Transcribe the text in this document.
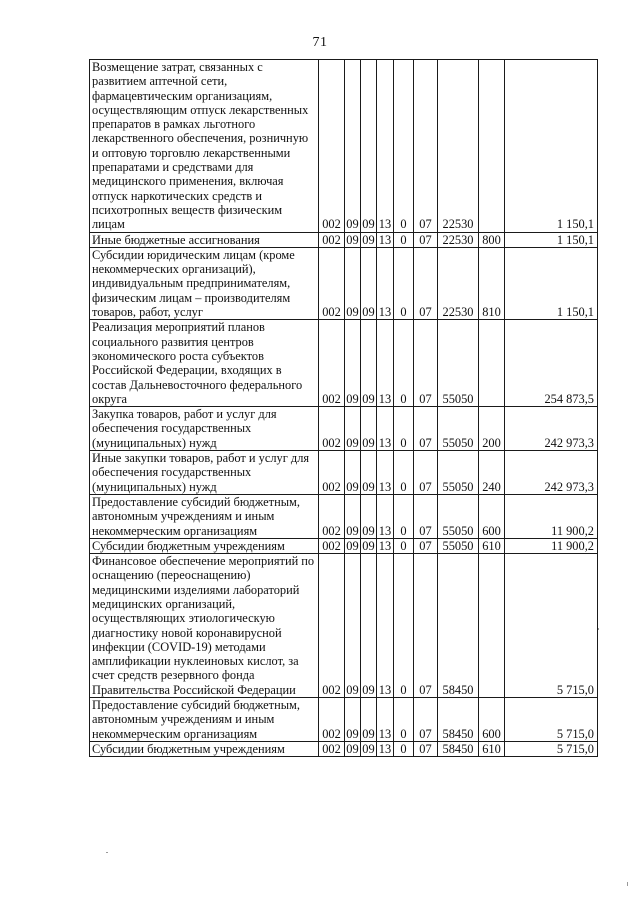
71
Возмещение затрат, связанных с развитием аптечной сети, фармацевтическим организациям, осуществляющим отпуск лекарственных препаратов в рамках льготного лекарственного обеспечения, розничную и оптовую торговлю лекарственными препаратами и средствами для медицинского применения, включая отпуск наркотических средств и психотропных веществ физическим лицам	002	09	09	13	0	07	22530		1 150,1
Иные бюджетные ассигнования	002	09	09	13	0	07	22530	800	1 150,1
Субсидии юридическим лицам (кроме некоммерческих организаций), индивидуальным предпринимателям, физическим лицам – производителям товаров, работ, услуг	002	09	09	13	0	07	22530	810	1 150,1
Реализация мероприятий планов социального развития центров экономического роста субъектов Российской Федерации, входящих в состав Дальневосточного федерального округа	002	09	09	13	0	07	55050		254 873,5
Закупка товаров, работ и услуг для обеспечения государственных (муниципальных) нужд	002	09	09	13	0	07	55050	200	242 973,3
Иные закупки товаров, работ и услуг для обеспечения государственных (муниципальных) нужд	002	09	09	13	0	07	55050	240	242 973,3
Предоставление субсидий бюджетным, автономным учреждениям и иным некоммерческим организациям	002	09	09	13	0	07	55050	600	11 900,2
Субсидии бюджетным учреждениям	002	09	09	13	0	07	55050	610	11 900,2
Финансовое обеспечение мероприятий по оснащению (переоснащению) медицинскими изделиями лабораторий медицинских организаций, осуществляющих этиологическую диагностику новой коронавирусной инфекции (COVID-19) методами амплификации нуклеиновых кислот, за счет средств резервного фонда Правительства Российской Федерации	002	09	09	13	0	07	58450		5 715,0
Предоставление субсидий бюджетным, автономным учреждениям и иным некоммерческим организациям	002	09	09	13	0	07	58450	600	5 715,0
Субсидии бюджетным учреждениям	002	09	09	13	0	07	58450	610	5 715,0
